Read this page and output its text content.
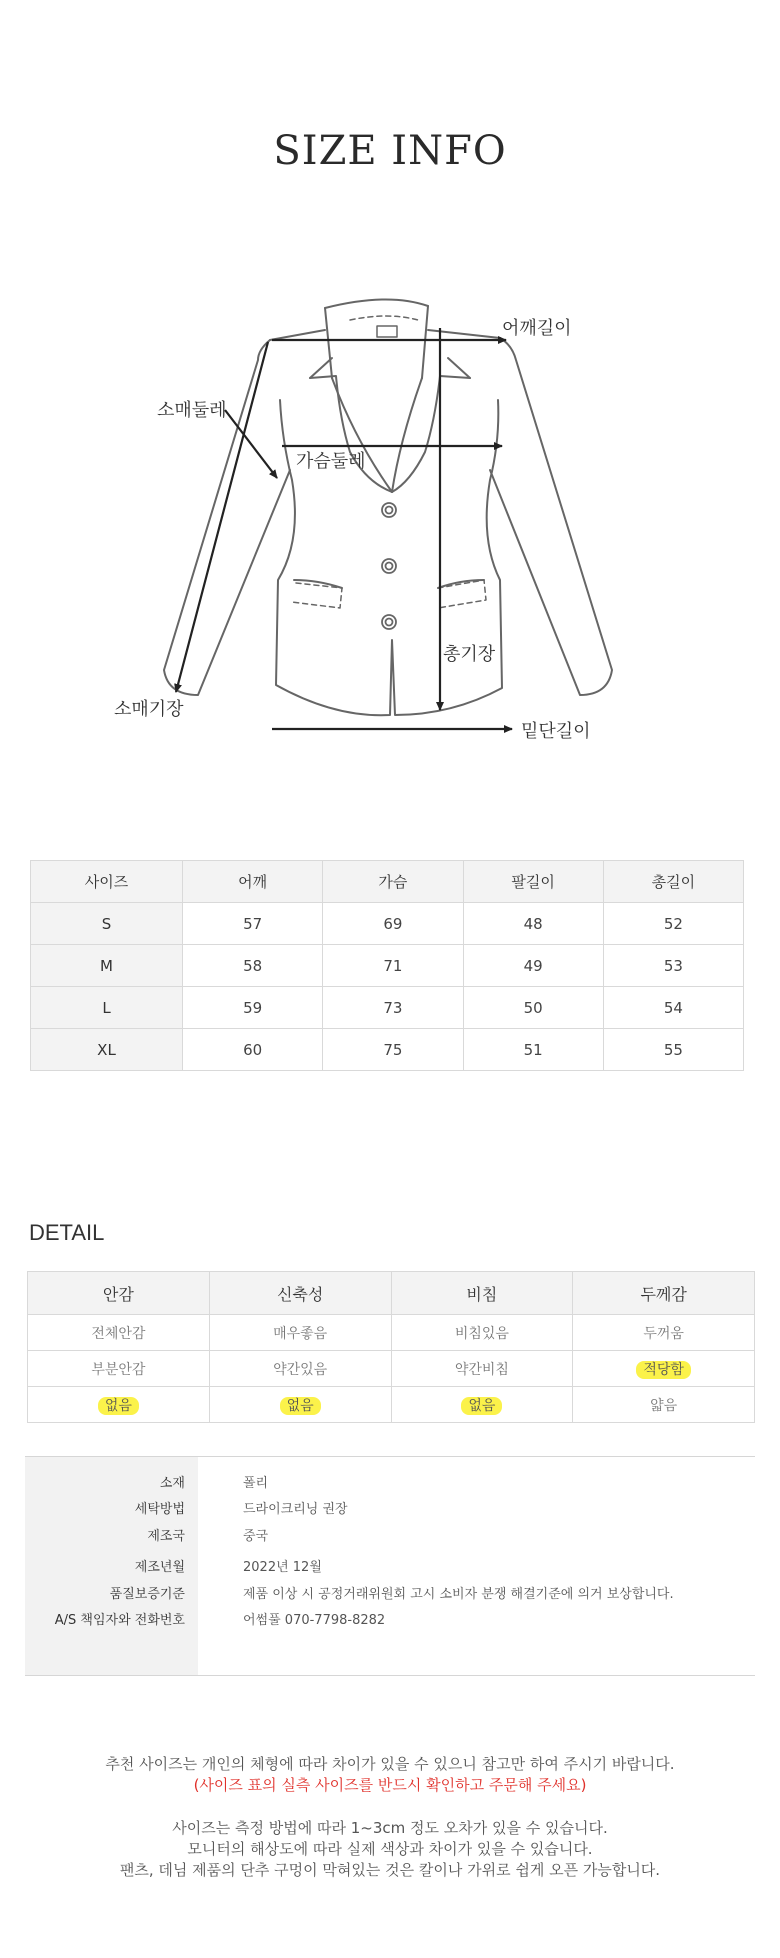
SIZE INFO
어깨길이
소매둘레
가슴둘레
총기장
소매기장
밑단길이
사이즈	어깨	가슴	팔길이	총길이
S	57	69	48	52
M	58	71	49	53
L	59	73	50	54
XL	60	75	51	55
DETAIL
안감	신축성	비침	두께감
전체안감	매우좋음	비침있음	두꺼움
부분안감	약간있음	약간비침	적당함
없음	없음	없음	얇음
소재	폴리
세탁방법	드라이크리닝 권장
제조국	중국
제조년월	2022년 12월
품질보증기준	제품 이상 시 공정거래위원회 고시 소비자 분쟁 해결기준에 의거 보상합니다.
A/S 책임자와 전화번호	어썸풀 070-7798-8282
추천 사이즈는 개인의 체형에 따라 차이가 있을 수 있으니 참고만 하여 주시기 바랍니다.
(사이즈 표의 실측 사이즈를 반드시 확인하고 주문해 주세요)
사이즈는 측정 방법에 따라 1~3cm 정도 오차가 있을 수 있습니다.
모니터의 해상도에 따라 실제 색상과 차이가 있을 수 있습니다.
팬츠, 데님 제품의 단추 구멍이 막혀있는 것은 칼이나 가위로 쉽게 오픈 가능합니다.
